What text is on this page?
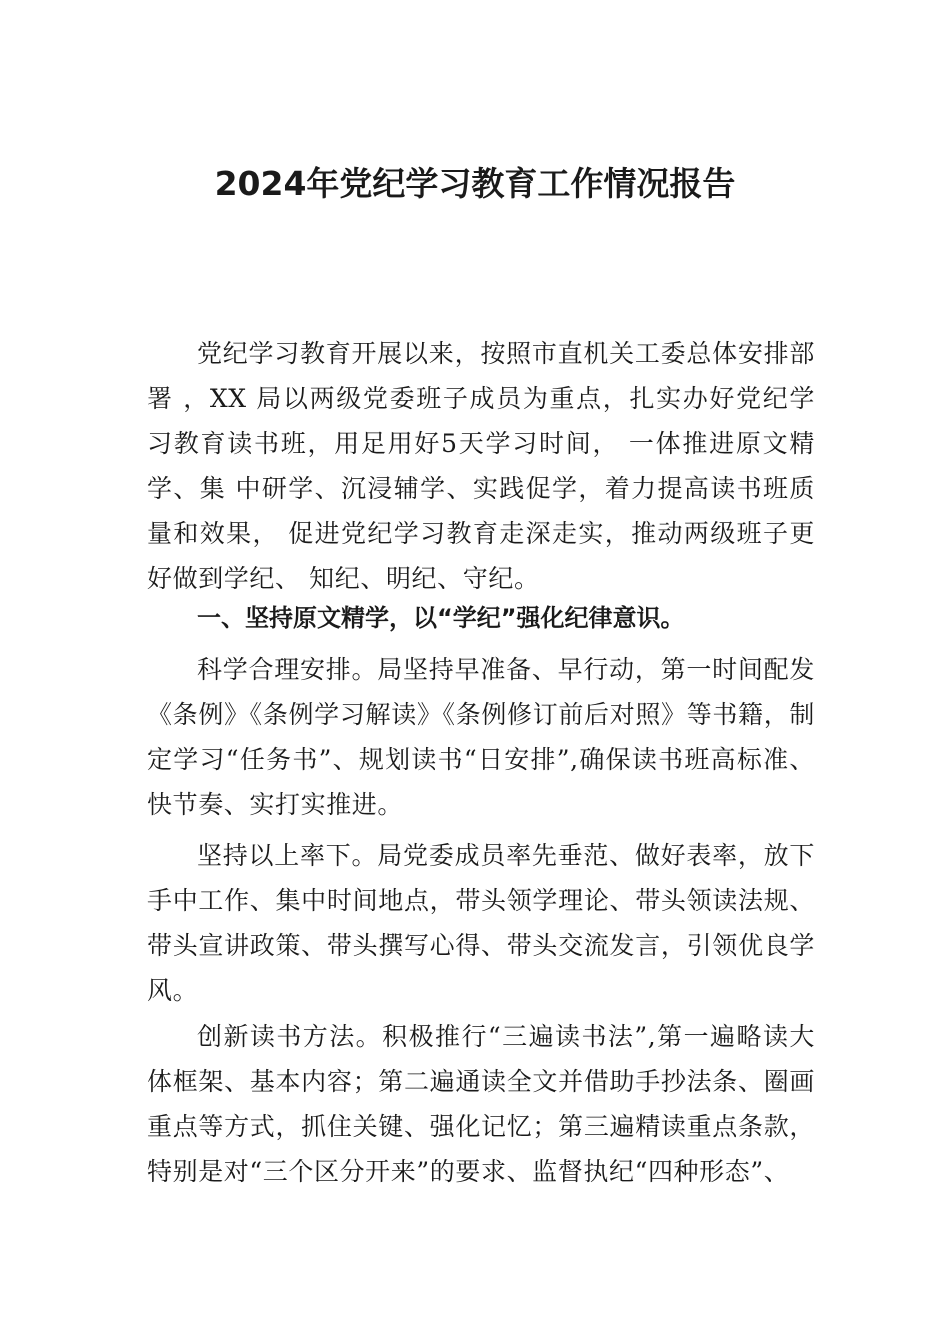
2024年党纪学习教育工作情况报告

党纪学习教育开展以来，按照市直机关工委总体安排部署 ，XX 局以两级党委班子成员为重点，扎实办好党纪学习教育读书班，用足用好5天学习时间， 一体推进原文精学、集 中研学、沉浸辅学、实践促学，着力提高读书班质量和效果， 促进党纪学习教育走深走实，推动两级班子更好做到学纪、 知纪、明纪、守纪。

一、坚持原文精学，以“学纪”强化纪律意识。

科学合理安排。局坚持早准备、早行动，第一时间配发《条例》《条例学习解读》《条例修订前后对照》等书籍，制定学习“任务书”、规划读书“日安排”,确保读书班高标准、快节奏、实打实推进。

坚持以上率下。局党委成员率先垂范、做好表率，放下手中工作、集中时间地点，带头领学理论、带头领读法规、带头宣讲政策、带头撰写心得、带头交流发言，引领优良学风。

创新读书方法。积极推行“三遍读书法”,第一遍略读大体框架、基本内容；第二遍通读全文并借助手抄法条、圈画重点等方式，抓住关键、强化记忆；第三遍精读重点条款，特别是对“三个区分开来”的要求、监督执纪“四种形态”、
